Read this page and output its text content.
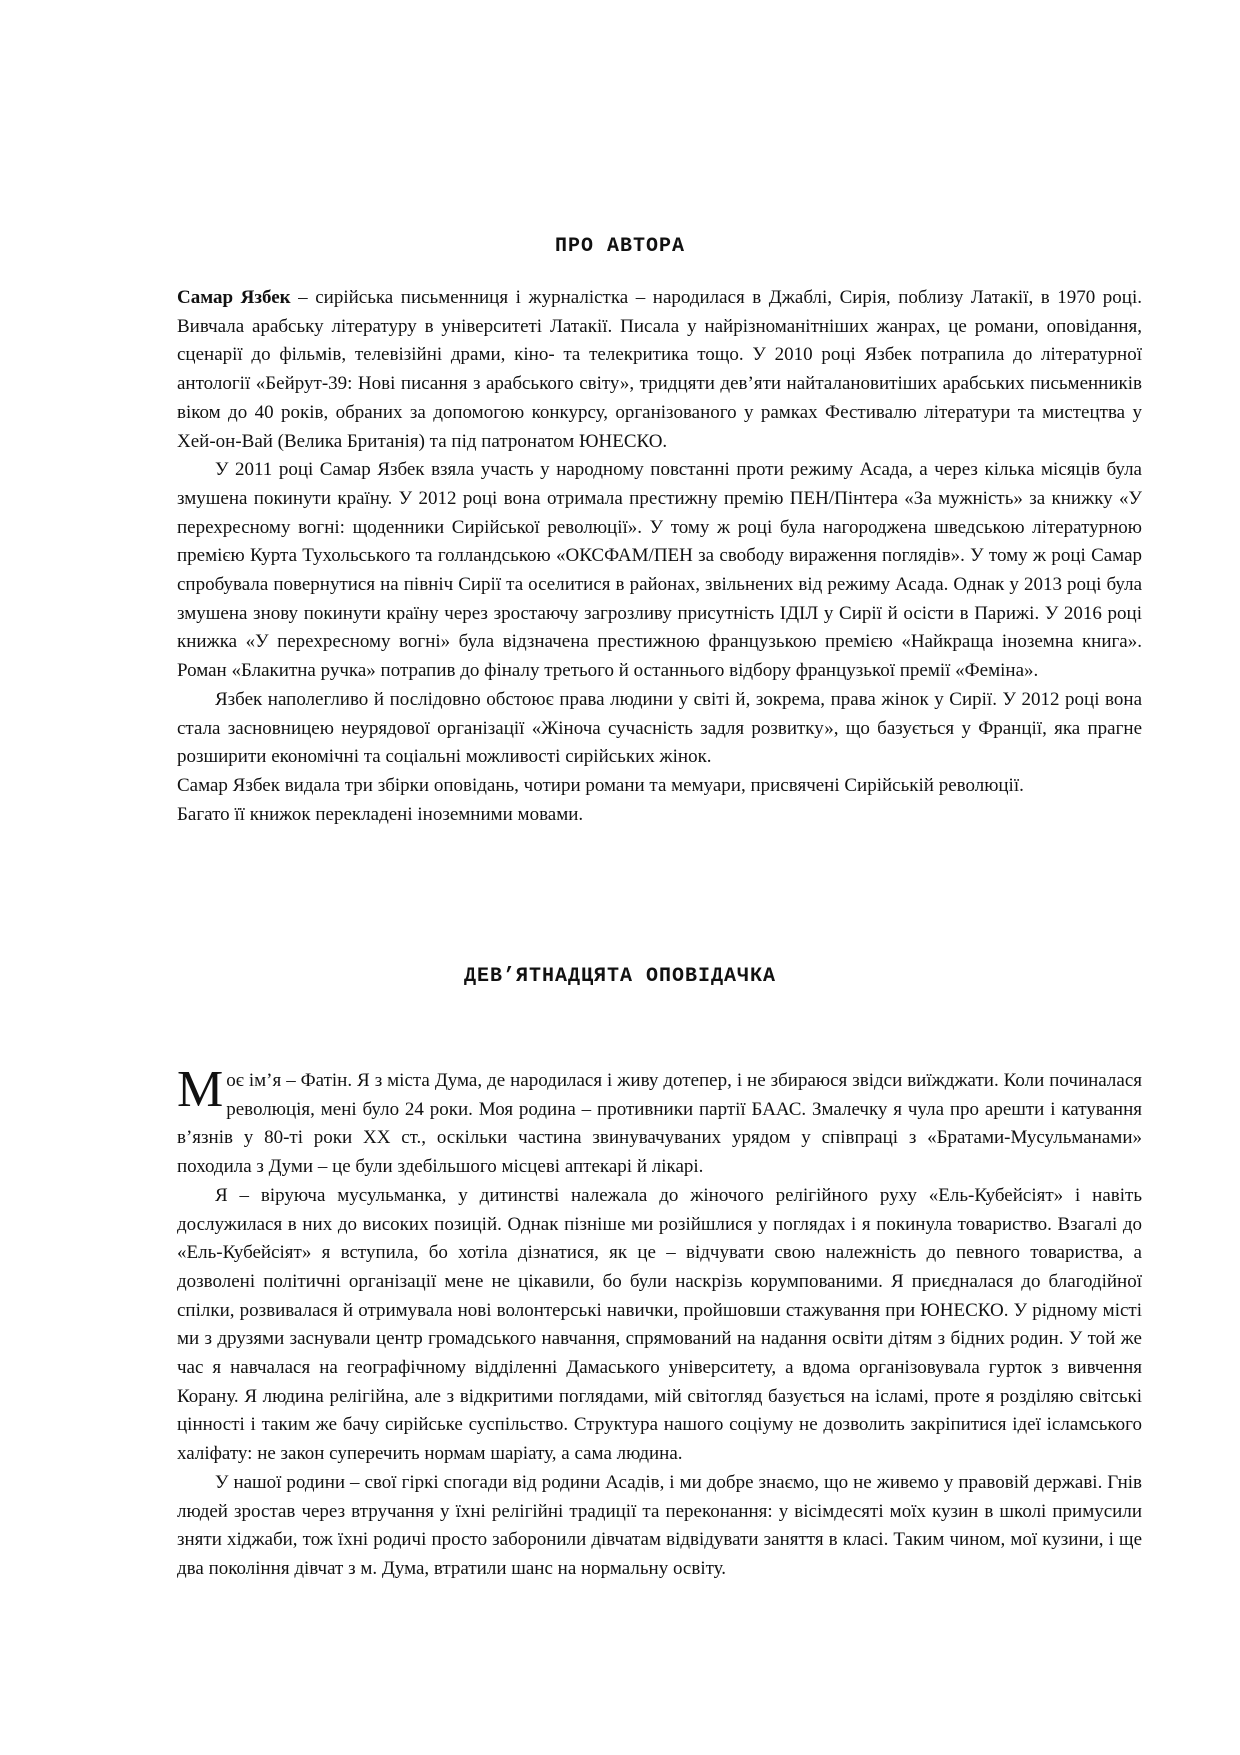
ПРО АВТОРА

Самар Язбек – сирійська письменниця і журналістка – народилася в Джаблі, Сирія, поблизу Латакії, в 1970 році. Вивчала арабську літературу в університеті Латакії. Писала у найрізноманітніших жанрах, це романи, оповідання, сценарії до фільмів, телевізійні драми, кіно- та телекритика тощо. У 2010 році Язбек потрапила до літературної антології «Бейрут-39: Нові писання з арабського світу», тридцяти дев’яти найталановитіших арабських письменників віком до 40 років, обраних за допомогою конкурсу, організованого у рамках Фестивалю літератури та мистецтва у Хей-он-Вай (Велика Британія) та під патронатом ЮНЕСКО.

У 2011 році Самар Язбек взяла участь у народному повстанні проти режиму Асада, а через кілька місяців була змушена покинути країну. У 2012 році вона отримала престижну премію ПЕН/Пінтера «За мужність» за книжку «У перехресному вогні: щоденники Сирійської революції». У тому ж році була нагороджена шведською літературною премією Курта Тухольського та голландською «ОКСФАМ/ПЕН за свободу вираження поглядів». У тому ж році Самар спробувала повернутися на північ Сирії та оселитися в районах, звільнених від режиму Асада. Однак у 2013 році була змушена знову покинути країну через зростаючу загрозливу присутність ІДІЛ у Сирії й осісти в Парижі. У 2016 році книжка «У перехресному вогні» була відзначена престижною французькою премією «Найкраща іноземна книга». Роман «Блакитна ручка» потрапив до фіналу третього й останнього відбору французької премії «Феміна».

Язбек наполегливо й послідовно обстоює права людини у світі й, зокрема, права жінок у Сирії. У 2012 році вона стала засновницею неурядової організації «Жіноча сучасність задля розвитку», що базується у Франції, яка прагне розширити економічні та соціальні можливості сирійських жінок.

Самар Язбек видала три збірки оповідань, чотири романи та мемуари, присвячені Сирійській революції.
Багато її книжок перекладені іноземними мовами.

ДЕВ’ЯТНАДЦЯТА ОПОВІДАЧКА

Моє ім’я – Фатін. Я з міста Дума, де народилася і живу дотепер, і не збираюся звідси виїжджати. Коли починалася революція, мені було 24 роки. Моя родина – противники партії БААС. Змалечку я чула про арешти і катування в’язнів у 80-ті роки XX ст., оскільки частина звинувачуваних урядом у співпраці з «Братами-Мусульманами» походила з Думи – це були здебільшого місцеві аптекарі й лікарі.

Я – віруюча мусульманка, у дитинстві належала до жіночого релігійного руху «Ель-Кубейсіят» і навіть дослужилася в них до високих позицій. Однак пізніше ми розійшлися у поглядах і я покинула товариство. Взагалі до «Ель-Кубейсіят» я вступила, бо хотіла дізнатися, як це – відчувати свою належність до певного товариства, а дозволені політичні організації мене не цікавили, бо були наскрізь корумпованими. Я приєдналася до благодійної спілки, розвивалася й отримувала нові волонтерські навички, пройшовши стажування при ЮНЕСКО. У рідному місті ми з друзями заснували центр громадського навчання, спрямований на надання освіти дітям з бідних родин. У той же час я навчалася на географічному відділенні Дамаського університету, а вдома організовувала гурток з вивчення Корану. Я людина релігійна, але з відкритими поглядами, мій світогляд базується на ісламі, проте я розділяю світські цінності і таким же бачу сирійське суспільство. Структура нашого соціуму не дозволить закріпитися ідеї ісламського халіфату: не закон суперечить нормам шаріату, а сама людина.

У нашої родини – свої гіркі спогади від родини Асадів, і ми добре знаємо, що не живемо у правовій державі. Гнів людей зростав через втручання у їхні релігійні традиції та переконання: у вісімдесяті моїх кузин в школі примусили зняти хіджаби, тож їхні родичі просто заборонили дівчатам відвідувати заняття в класі. Таким чином, мої кузини, і ще два покоління дівчат з м. Дума, втратили шанс на нормальну освіту.
